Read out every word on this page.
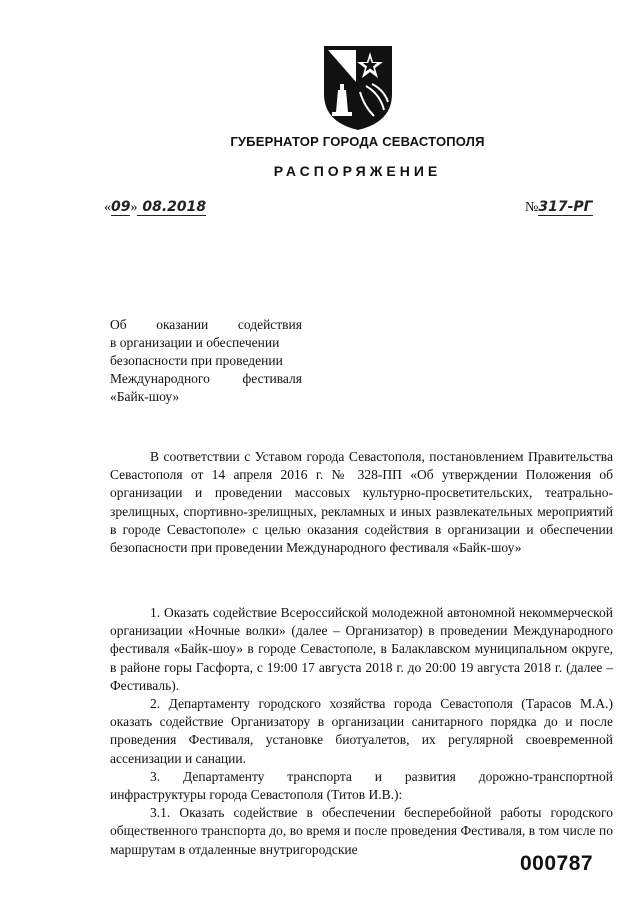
ГУБЕРНАТОР ГОРОДА СЕВАСТОПОЛЯ
РАСПОРЯЖЕНИЕ
«09» 08.2018	№317-РГ
Об оказании содействия
в организации и обеспечении
безопасности при проведении
Международного фестиваля
«Байк-шоу»

В соответствии с Уставом города Севастополя, постановлением Правительства Севастополя от 14 апреля 2016 г. № 328-ПП «Об утверждении Положения об организации и проведении массовых культурно-просветительских, театрально-зрелищных, спортивно-зрелищных, рекламных и иных развлекательных мероприятий в городе Севастополе» с целью оказания содействия в организации и обеспечении безопасности при проведении Международного фестиваля «Байк-шоу»

1. Оказать содействие Всероссийской молодежной автономной некоммерческой организации «Ночные волки» (далее – Организатор) в проведении Международного фестиваля «Байк-шоу» в городе Севастополе, в Балаклавском муниципальном округе, в районе горы Гасфорта, с 19:00 17 августа 2018 г. до 20:00 19 августа 2018 г. (далее – Фестиваль).

2. Департаменту городского хозяйства города Севастополя (Тарасов М.А.) оказать содействие Организатору в организации санитарного порядка до и после проведения Фестиваля, установке биотуалетов, их регулярной своевременной ассенизации и санации.

3. Департаменту транспорта и развития дорожно-транспортной инфраструктуры города Севастополя (Титов И.В.):

3.1. Оказать содействие в обеспечении бесперебойной работы городского общественного транспорта до, во время и после проведения Фестиваля, в том числе по маршрутам в отдаленные внутригородские

000787
